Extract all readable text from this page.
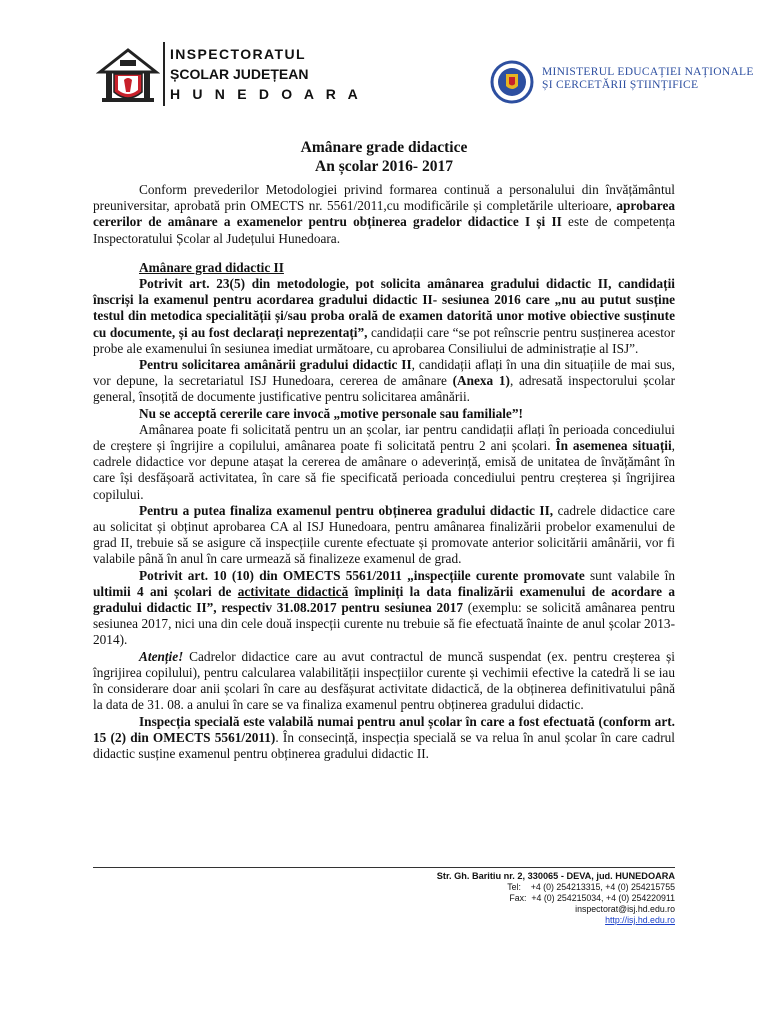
INSPECTORATUL
ȘCOLAR JUDEȚEAN
H U N E D O A R A
MINISTERUL EDUCAȚIEI NAȚIONALE
ȘI CERCETĂRII ȘTIINȚIFICE
Amânare grade didactice
An școlar 2016- 2017

Conform prevederilor Metodologiei privind formarea continuă a personalului din învățământul preuniversitar, aprobată prin OMECTS nr. 5561/2011,cu modificările și completările ulterioare, aprobarea cererilor de amânare a examenelor pentru obținerea gradelor didactice I și II este de competența Inspectoratului Școlar al Județului Hunedoara.

Amânare grad didactic II

Potrivit art. 23(5) din metodologie, pot solicita amânarea gradului didactic II, candidații înscriși la examenul pentru acordarea gradului didactic II- sesiunea 2016 care „nu au putut susține testul din metodica specialității și/sau proba orală de examen datorită unor motive obiective susținute cu documente, și au fost declarați neprezentați”, candidații care “se pot reînscrie pentru susținerea acestor probe ale examenului în sesiunea imediat următoare, cu aprobarea Consiliului de administrație al ISJ”.

Pentru solicitarea amânării gradului didactic II, candidații aflați în una din situațiile de mai sus, vor depune, la secretariatul ISJ Hunedoara, cererea de amânare (Anexa 1), adresată inspectorului școlar general, însoțită de documente justificative pentru solicitarea amânării.

Nu se acceptă cererile care invocă „motive personale sau familiale”!

Amânarea poate fi solicitată pentru un an școlar, iar pentru candidații aflați în perioada concediului de creștere și îngrijire a copilului, amânarea poate fi solicitată pentru 2 ani școlari. În asemenea situații, cadrele didactice vor depune atașat la cererea de amânare o adeverință, emisă de unitatea de învățământ în care își desfășoară activitatea, în care să fie specificată perioada concediului pentru creșterea și îngrijirea copilului.

Pentru a putea finaliza examenul pentru obținerea gradului didactic II, cadrele didactice care au solicitat și obținut aprobarea CA al ISJ Hunedoara, pentru amânarea finalizării probelor examenului de grad II, trebuie să se asigure că inspecțiile curente efectuate și promovate anterior solicitării amânării, vor fi valabile până în anul în care urmează să finalizeze examenul de grad.

Potrivit art. 10 (10) din OMECTS 5561/2011 „inspecțiile curente promovate sunt valabile în ultimii 4 ani școlari de activitate didactică împliniți la data finalizării examenului de acordare a gradului didactic II”, respectiv 31.08.2017 pentru sesiunea 2017 (exemplu: se solicită amânarea pentru sesiunea 2017, nici una din cele două inspecții curente nu trebuie să fie efectuată înainte de anul școlar 2013- 2014).

Atenție! Cadrelor didactice care au avut contractul de muncă suspendat (ex. pentru creșterea și îngrijirea copilului), pentru calcularea valabilității inspecțiilor curente și vechimii efective la catedră li se iau în considerare doar anii școlari în care au desfășurat activitate didactică, de la obținerea definitivatului până la data de 31. 08. a anului în care se va finaliza examenul pentru obținerea gradului didactic.

Inspecția specială este valabilă numai pentru anul școlar în care a fost efectuată (conform art. 15 (2) din OMECTS 5561/2011). În consecință, inspecția specială se va relua în anul școlar în care cadrul didactic susține examenul pentru obținerea gradului didactic II.

Str. Gh. Baritiu nr. 2, 330065 - DEVA, jud. HUNEDOARA
Tel:    +4 (0) 254213315, +4 (0) 254215755
Fax:  +4 (0) 254215034, +4 (0) 254220911
inspectorat@isj.hd.edu.ro
http://isj.hd.edu.ro
